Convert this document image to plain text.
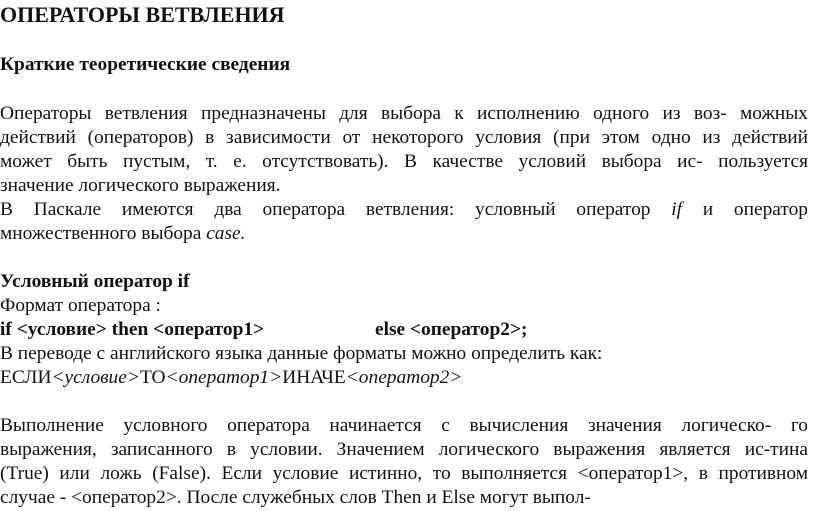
ОПЕРАТОРЫ ВЕТВЛЕНИЯ
Краткие теоретические сведения
Операторы ветвления предназначены для выбора к исполнению одного из воз- можных
действий (операторов) в зависимости от некоторого условия (при этом одно из действий
может быть пустым, т. е. отсутствовать). В качестве условий выбора ис- пользуется
значение логического выражения.
В Паскале имеются два оператора ветвления: условный оператор if и оператор
множественного выбора case.
Условный оператор if
Формат оператора :
if <условие> then <оператор1>	else <оператор2>;
В переводе с английского языка данные форматы можно определить как:
ЕСЛИ<условие>ТО<оператор1>ИНАЧЕ<оператор2>
Выполнение условного оператора начинается с вычисления значения логическо- го
выражения, записанного в условии. Значением логического выражения является ис-тина
(True) или ложь (False). Если условие истинно, то выполняется <оператор1>, в противном
случае - <оператор2>. После служебных слов Then и Else могут выпол-
